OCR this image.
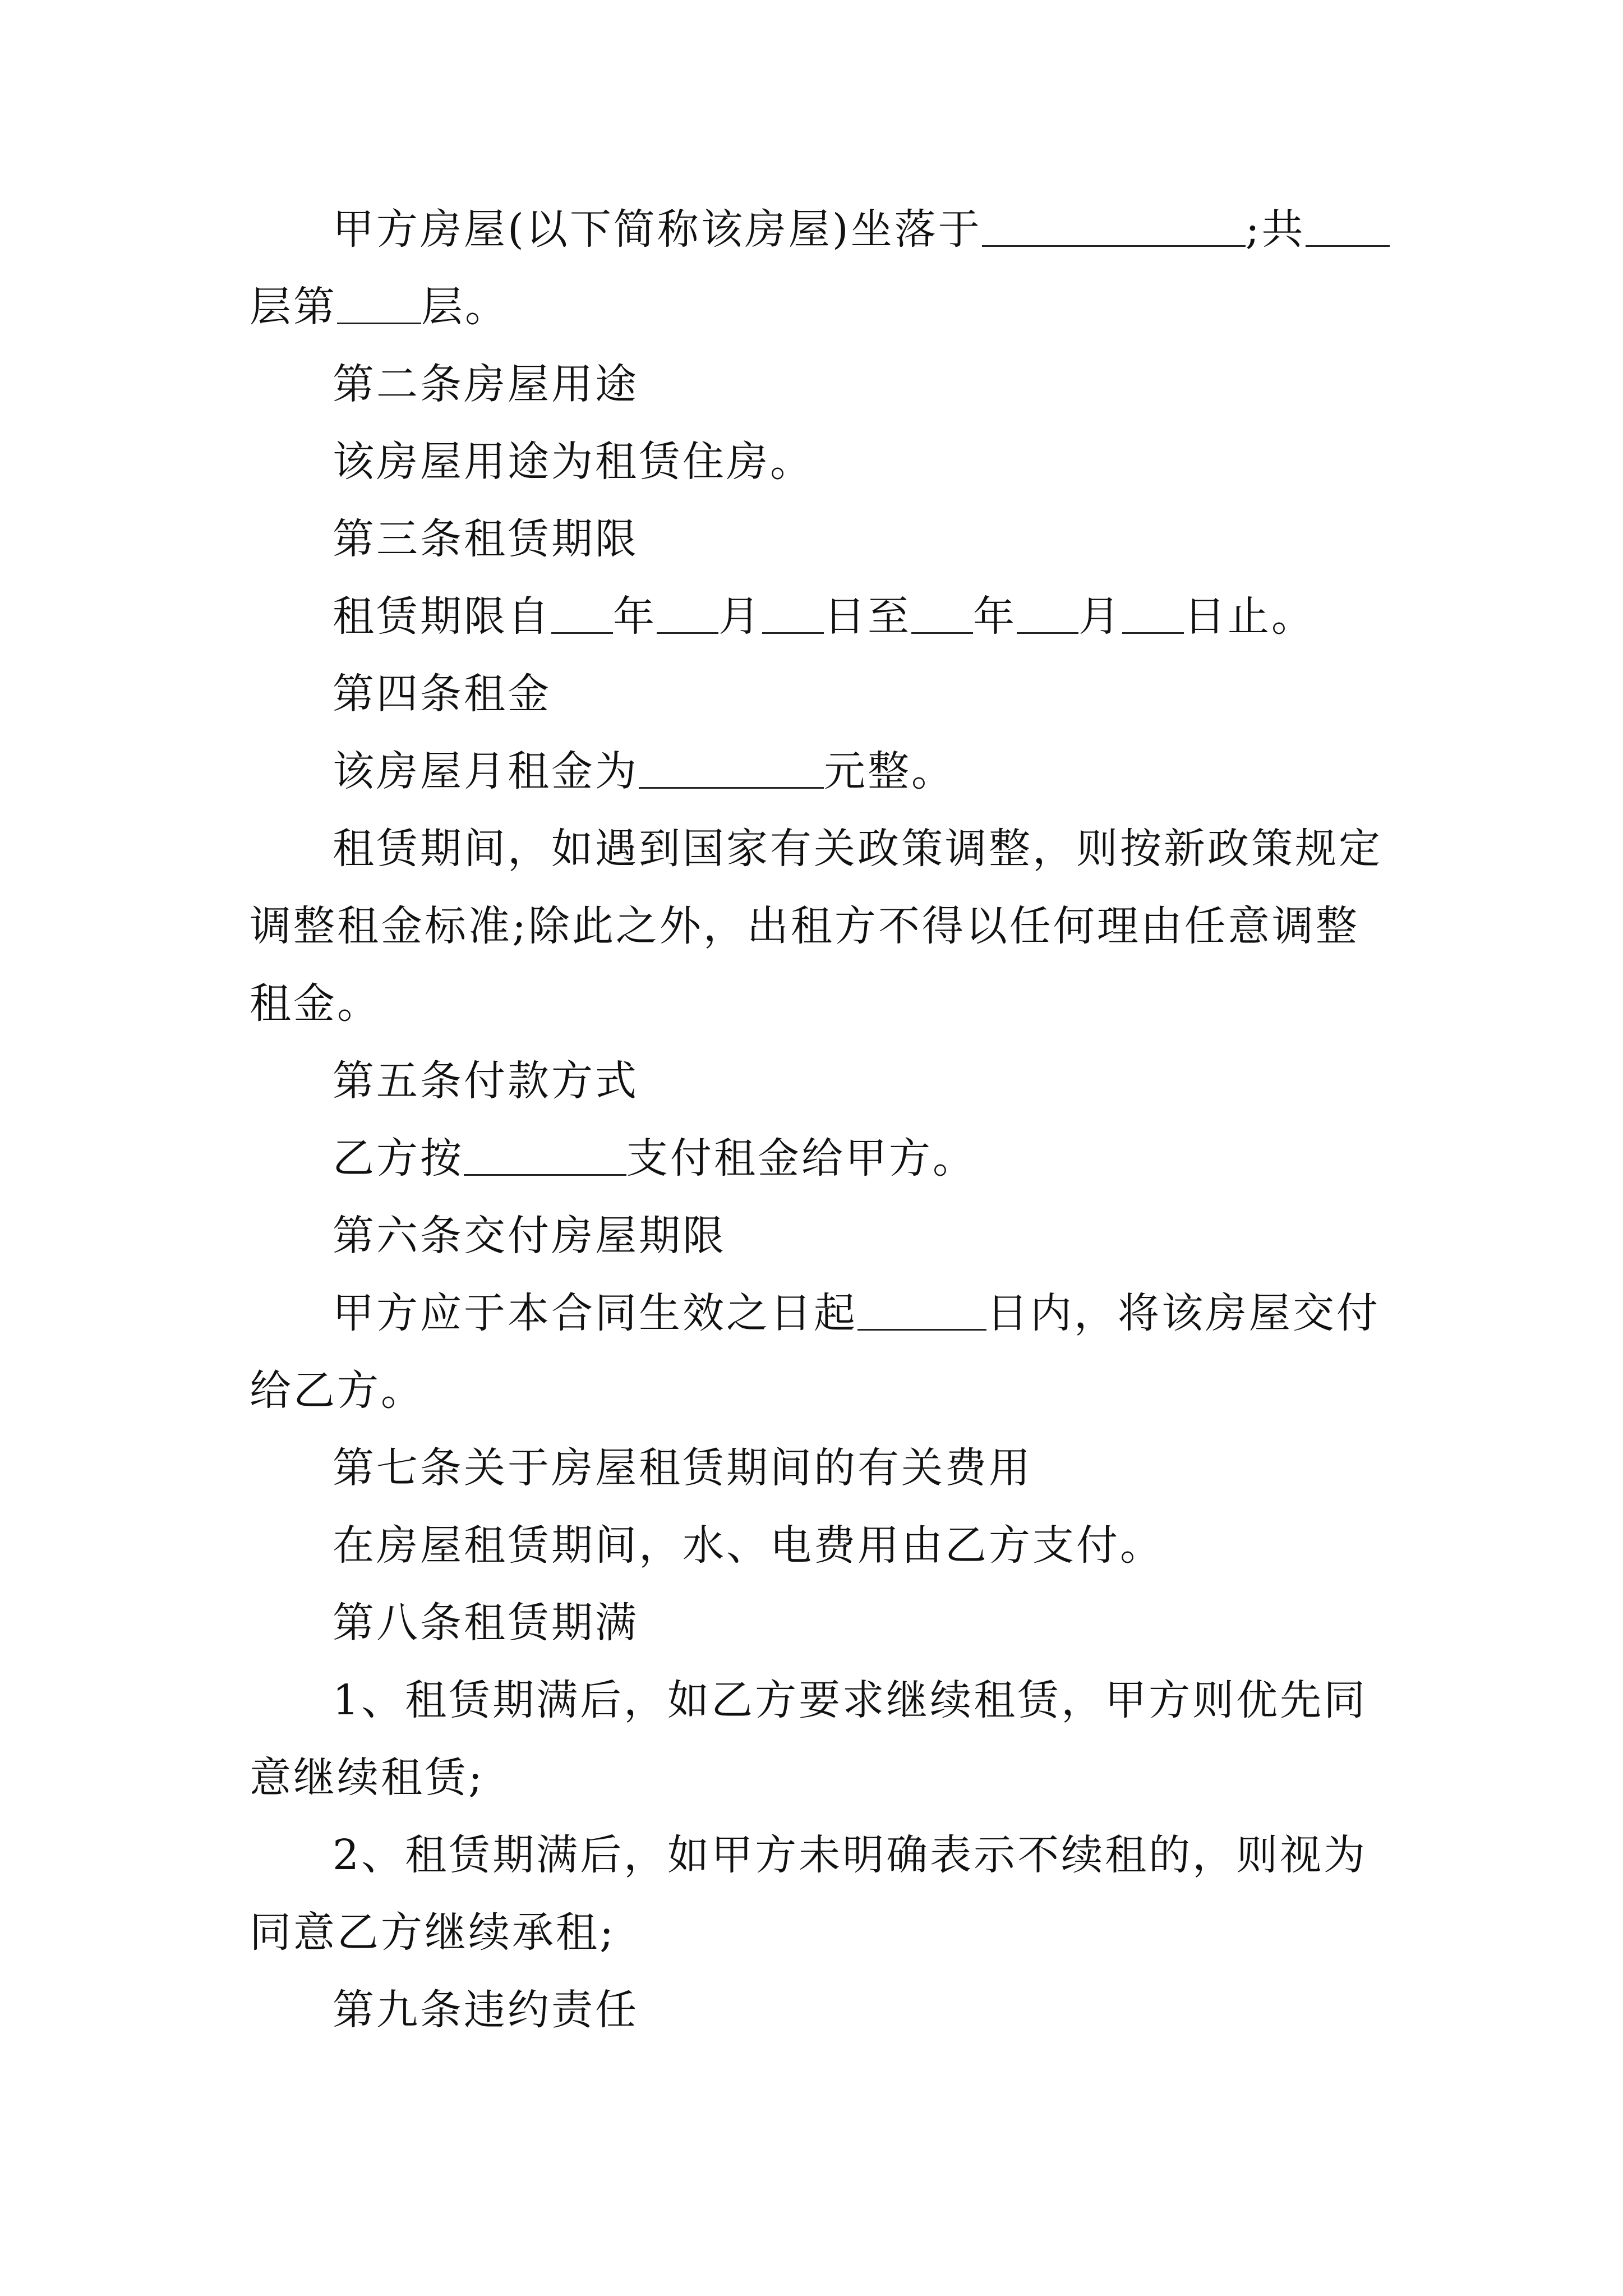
甲方房屋(以下简称该房屋)坐落于	;共层第 层。

第二条房屋用途

该房屋用途为租赁住房。

第三条租赁期限

租赁期限自 年 月 日至 年 月 日止。

第四条租金

该房屋月租金为	元整。

租赁期间，如遇到国家有关政策调整，则按新政策规定调整租金标准;除此之外，出租方不得以任何理由任意调整租金。

第五条付款方式

乙方按	支付租金给甲方。

第六条交付房屋期限

甲方应于本合同生效之日起	日内，将该房屋交付给乙方。

第七条关于房屋租赁期间的有关费用

在房屋租赁期间，水、电费用由乙方支付。

第八条租赁期满

1、租赁期满后，如乙方要求继续租赁，甲方则优先同意继续租赁;

2、租赁期满后，如甲方未明确表示不续租的，则视为同意乙方继续承租;

第九条违约责任
